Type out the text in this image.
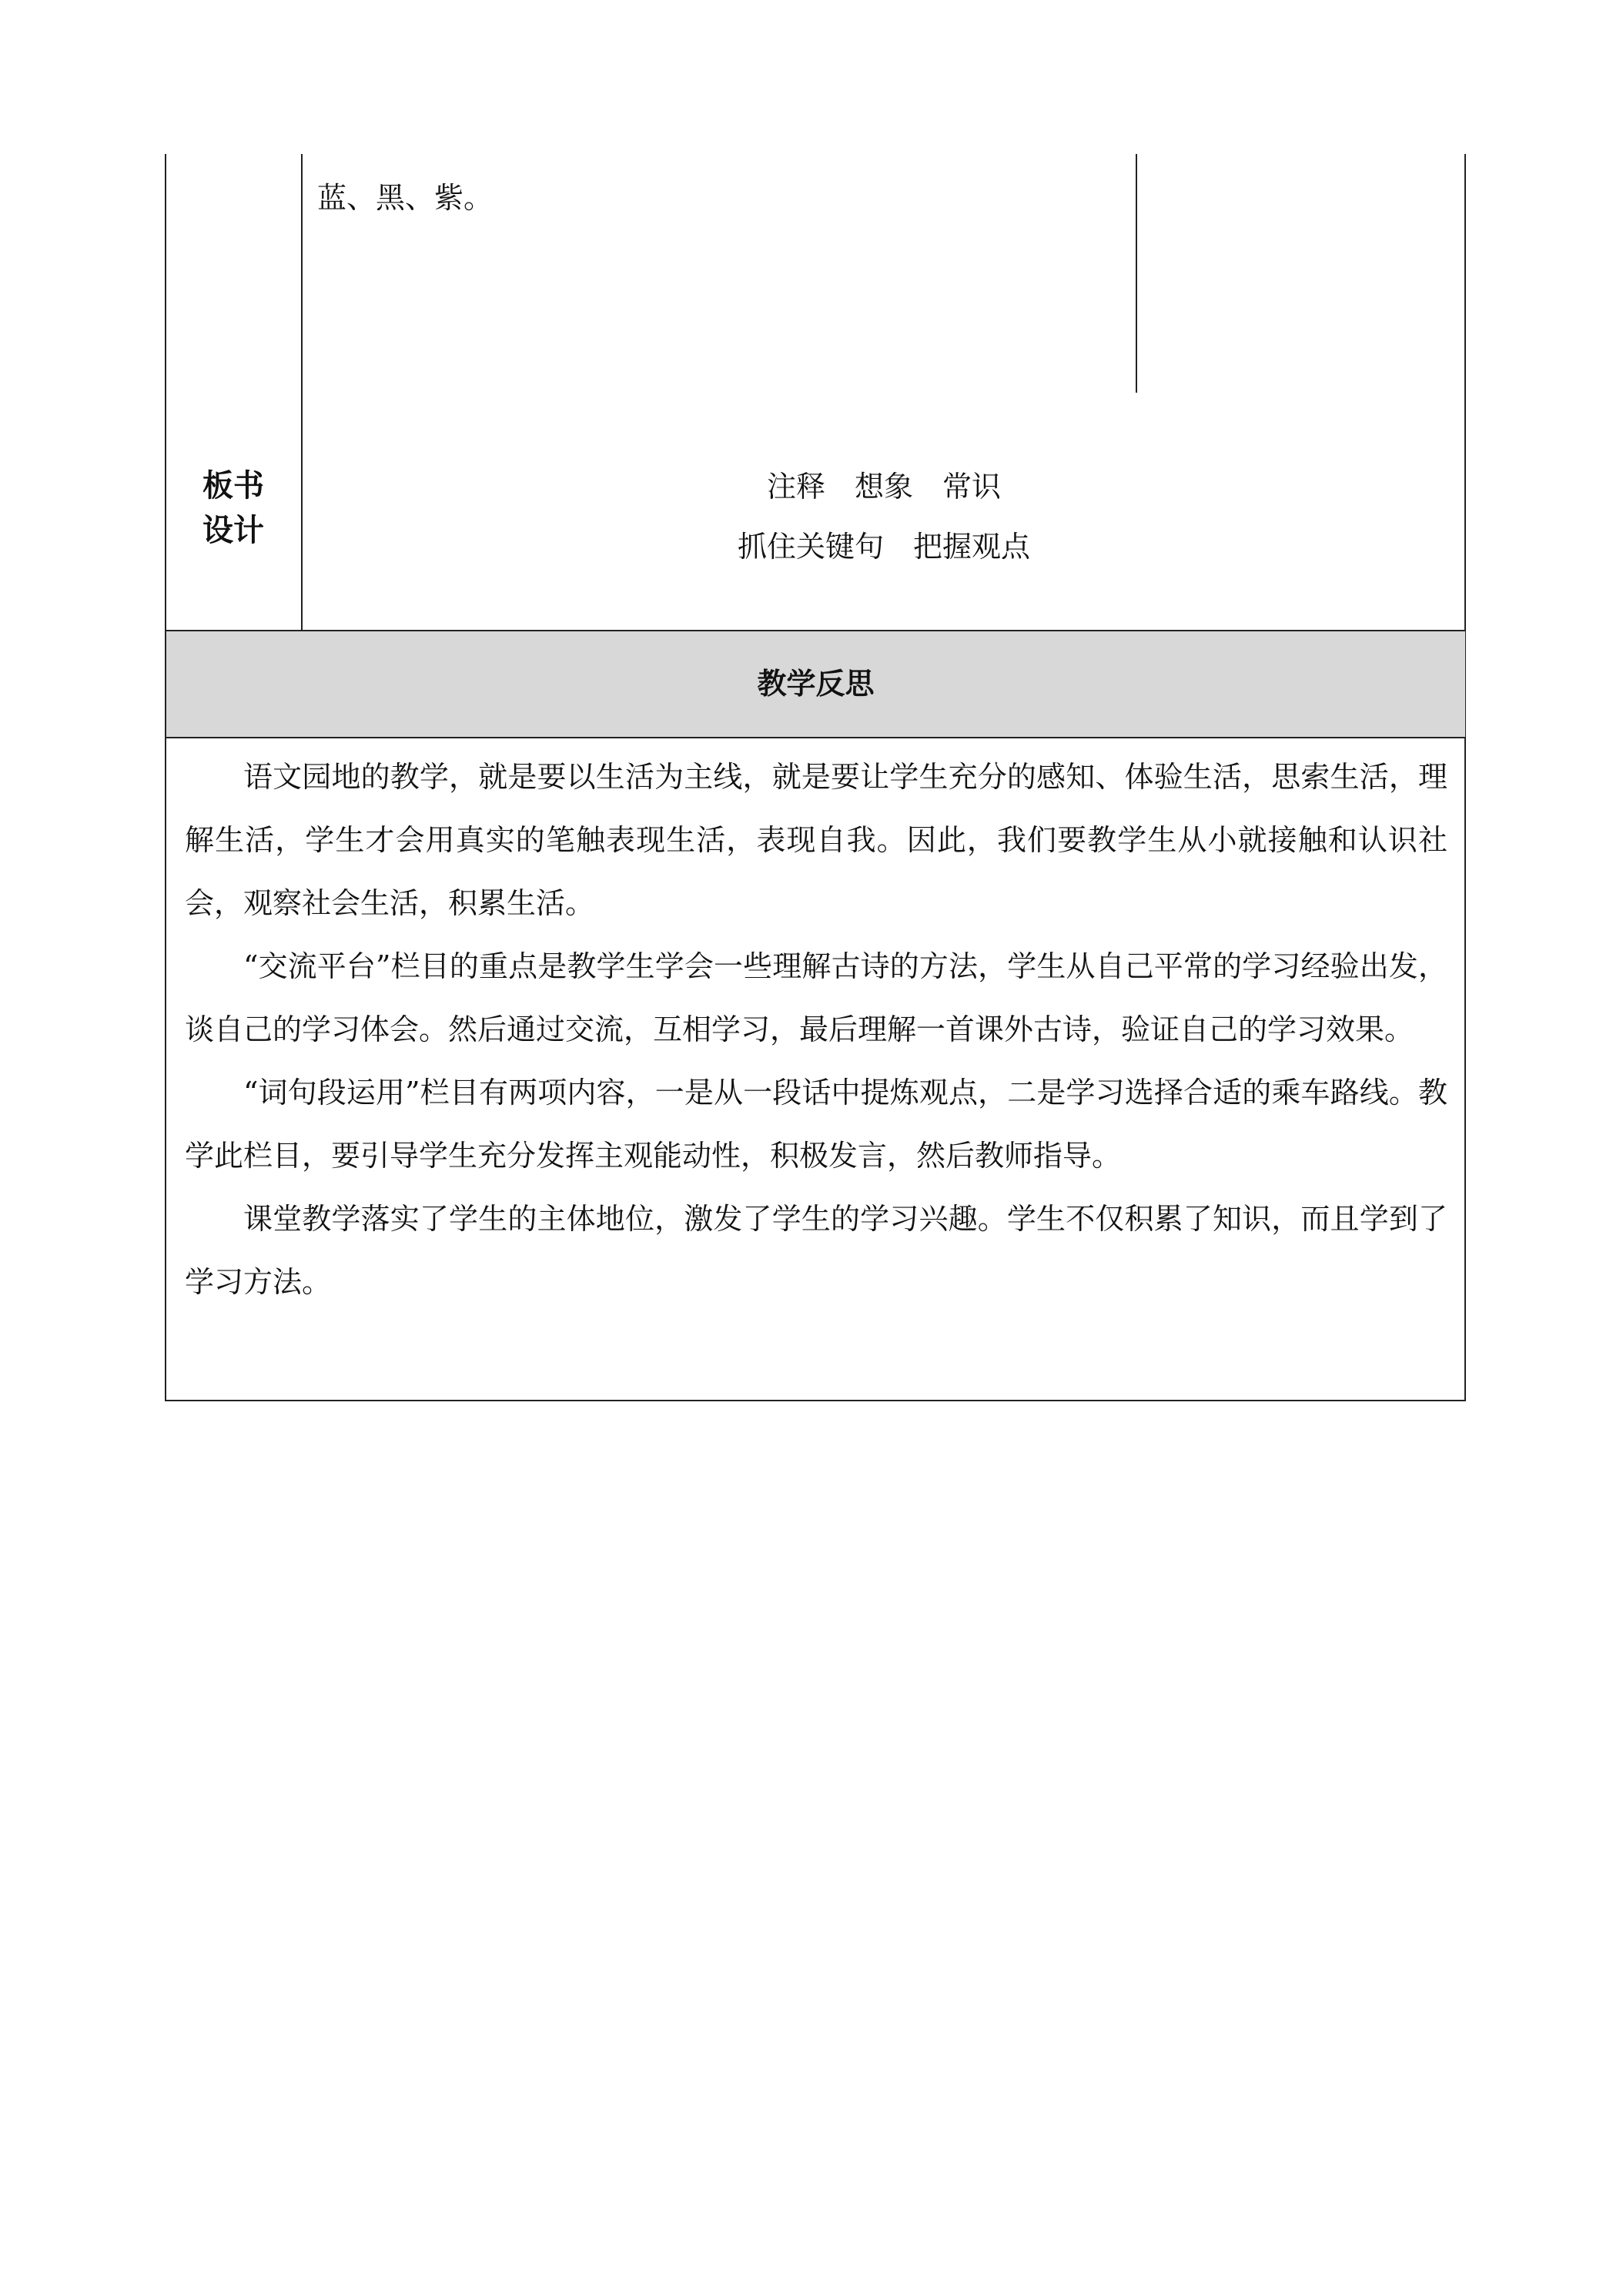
蓝、黑、紫。
板书
设计
注释　想象　常识
抓住关键句　把握观点
教学反思

语文园地的教学，就是要以生活为主线，就是要让学生充分的感知、体验生活，思索生活，理解生活，学生才会用真实的笔触表现生活，表现自我。因此，我们要教学生从小就接触和认识社会，观察社会生活，积累生活。

“交流平台”栏目的重点是教学生学会一些理解古诗的方法，学生从自己平常的学习经验出发，谈自己的学习体会。然后通过交流，互相学习，最后理解一首课外古诗，验证自己的学习效果。

“词句段运用”栏目有两项内容，一是从一段话中提炼观点，二是学习选择合适的乘车路线。教学此栏目，要引导学生充分发挥主观能动性，积极发言，然后教师指导。

课堂教学落实了学生的主体地位，激发了学生的学习兴趣。学生不仅积累了知识，而且学到了学习方法。
